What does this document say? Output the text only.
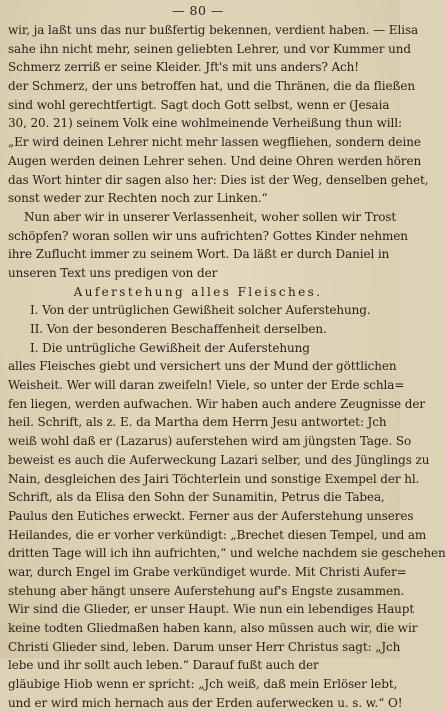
— 80 —
wir, ja laßt uns das nur bußfertig bekennen, verdient haben. — Elisa
sahe ihn nicht mehr, seinen geliebten Lehrer, und vor Kummer und
Schmerz zerriß er seine Kleider. Jft's mit uns anders? Ach!
der Schmerz, der uns betroffen hat, und die Thränen, die da fließen
sind wohl gerechtfertigt. Sagt doch Gott selbst, wenn er (Jesaia
30, 20. 21) seinem Volk eine wohlmeinende Verheißung thun will:
„Er wird deinen Lehrer nicht mehr lassen wegfliehen, sondern deine
Augen werden deinen Lehrer sehen. Und deine Ohren werden hören
das Wort hinter dir sagen also her: Dies ist der Weg, denselben gehet,
sonst weder zur Rechten noch zur Linken.“
Nun aber wir in unserer Verlassenheit, woher sollen wir Trost
schöpfen? woran sollen wir uns aufrichten? Gottes Kinder nehmen
ihre Zuflucht immer zu seinem Wort. Da läßt er durch Daniel in
unseren Text uns predigen von der
Auferstehung alles Fleisches.
I. Von der untrüglichen Gewißheit solcher Auferstehung.
II. Von der besonderen Beschaffenheit derselben.
I. Die untrügliche Gewißheit der Auferstehung
alles Fleisches giebt und versichert uns der Mund der göttlichen
Weisheit. Wer will daran zweifeln! Viele, so unter der Erde schla=
fen liegen, werden aufwachen. Wir haben auch andere Zeugnisse der
heil. Schrift, als z. E. da Martha dem Herrn Jesu antwortet: Jch
weiß wohl daß er (Lazarus) auferstehen wird am jüngsten Tage. So
beweist es auch die Auferweckung Lazari selber, und des Jünglings zu
Nain, desgleichen des Jairi Töchterlein und sonstige Exempel der hl.
Schrift, als da Elisa den Sohn der Sunamitin, Petrus die Tabea,
Paulus den Eutiches erweckt. Ferner aus der Auferstehung unseres
Heilandes, die er vorher verkündigt: „Brechet diesen Tempel, und am
dritten Tage will ich ihn aufrichten,“ und welche nachdem sie geschehen
war, durch Engel im Grabe verkündiget wurde. Mit Christi Aufer=
stehung aber hängt unsere Auferstehung auf's Engste zusammen.
Wir sind die Glieder, er unser Haupt. Wie nun ein lebendiges Haupt
keine todten Gliedmaßen haben kann, also müssen auch wir, die wir
Christi Glieder sind, leben. Darum unser Herr Christus sagt: „Jch
lebe und ihr sollt auch leben.“ Darauf fußt auch der
gläubige Hiob wenn er spricht: „Jch weiß, daß mein Erlöser lebt,
und er wird mich hernach aus der Erden auferwecken u. s. w.“ O!
